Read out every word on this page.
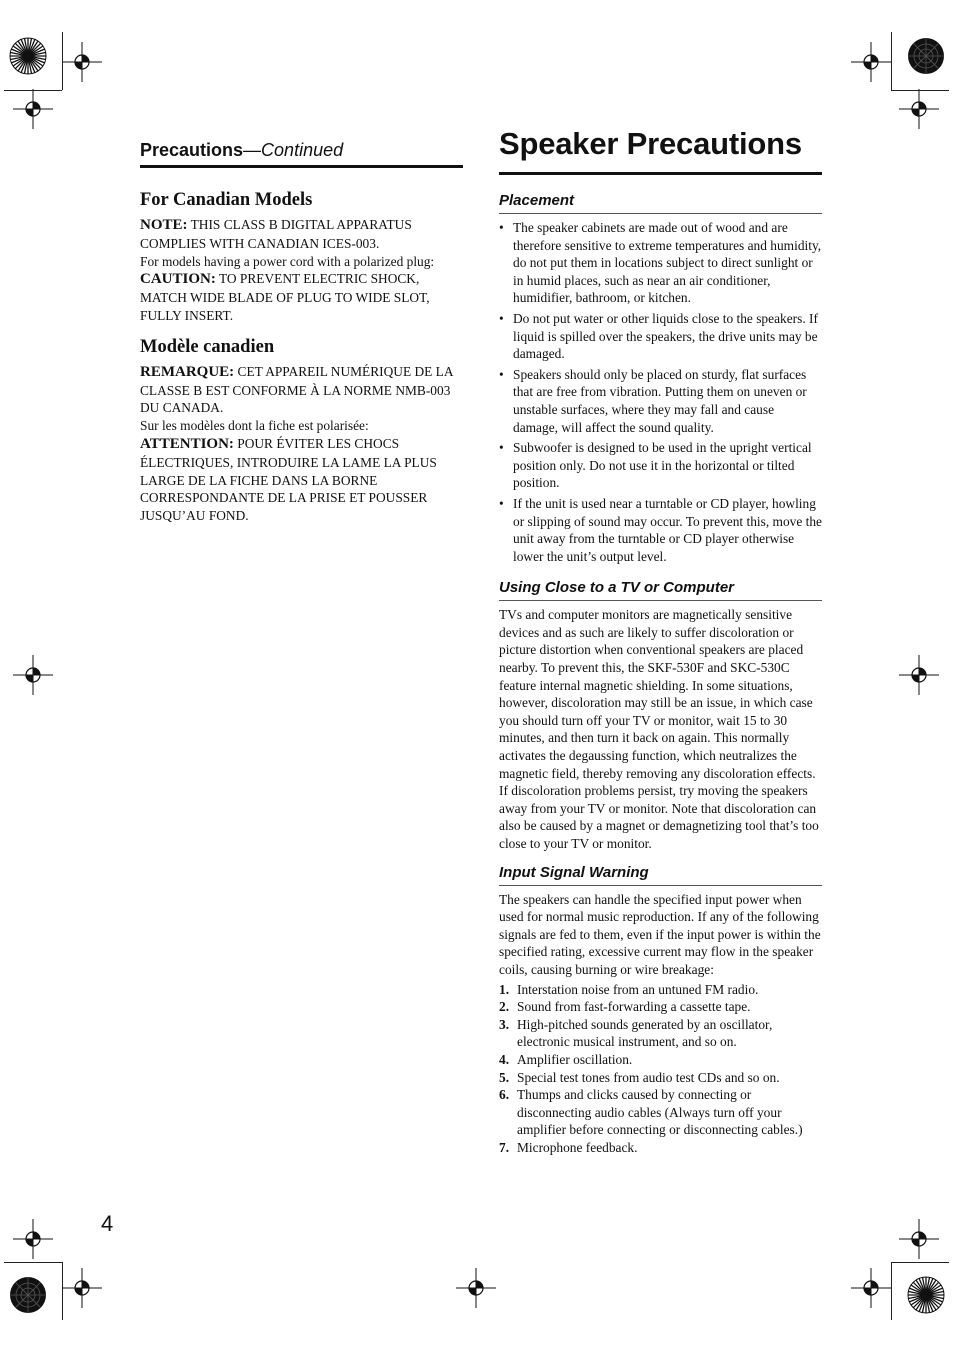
Precautions—Continued
For Canadian Models

NOTE: THIS CLASS B DIGITAL APPARATUS COMPLIES WITH CANADIAN ICES-003.

For models having a power cord with a polarized plug:

CAUTION: TO PREVENT ELECTRIC SHOCK, MATCH WIDE BLADE OF PLUG TO WIDE SLOT, FULLY INSERT.

Modèle canadien

REMARQUE: CET APPAREIL NUMÉRIQUE DE LA CLASSE B EST CONFORME À LA NORME NMB-003 DU CANADA.

Sur les modèles dont la fiche est polarisée:

ATTENTION: POUR ÉVITER LES CHOCS ÉLECTRIQUES, INTRODUIRE LA LAME LA PLUS LARGE DE LA FICHE DANS LA BORNE CORRESPONDANTE DE LA PRISE ET POUSSER JUSQU’AU FOND.

Speaker Precautions
Placement
• The speaker cabinets are made out of wood and are therefore sensitive to extreme temperatures and humidity, do not put them in locations subject to direct sunlight or in humid places, such as near an air conditioner, humidifier, bathroom, or kitchen.
• Do not put water or other liquids close to the speakers. If liquid is spilled over the speakers, the drive units may be damaged.
• Speakers should only be placed on sturdy, flat surfaces that are free from vibration. Putting them on uneven or unstable surfaces, where they may fall and cause damage, will affect the sound quality.
• Subwoofer is designed to be used in the upright vertical position only. Do not use it in the horizontal or tilted position.
• If the unit is used near a turntable or CD player, howling or slipping of sound may occur. To prevent this, move the unit away from the turntable or CD player otherwise lower the unit’s output level.
Using Close to a TV or Computer

TVs and computer monitors are magnetically sensitive devices and as such are likely to suffer discoloration or picture distortion when conventional speakers are placed nearby. To prevent this, the SKF-530F and SKC-530C feature internal magnetic shielding. In some situations, however, discoloration may still be an issue, in which case you should turn off your TV or monitor, wait 15 to 30 minutes, and then turn it back on again. This normally activates the degaussing function, which neutralizes the magnetic field, thereby removing any discoloration effects. If discoloration problems persist, try moving the speakers away from your TV or monitor. Note that discoloration can also be caused by a magnet or demagnetizing tool that’s too close to your TV or monitor.

Input Signal Warning

The speakers can handle the specified input power when used for normal music reproduction. If any of the following signals are fed to them, even if the input power is within the specified rating, excessive current may flow in the speaker coils, causing burning or wire breakage:

1. Interstation noise from an untuned FM radio.
2. Sound from fast-forwarding a cassette tape.
3. High-pitched sounds generated by an oscillator, electronic musical instrument, and so on.
4. Amplifier oscillation.
5. Special test tones from audio test CDs and so on.
6. Thumps and clicks caused by connecting or disconnecting audio cables (Always turn off your amplifier before connecting or disconnecting cables.)
7. Microphone feedback.
4
